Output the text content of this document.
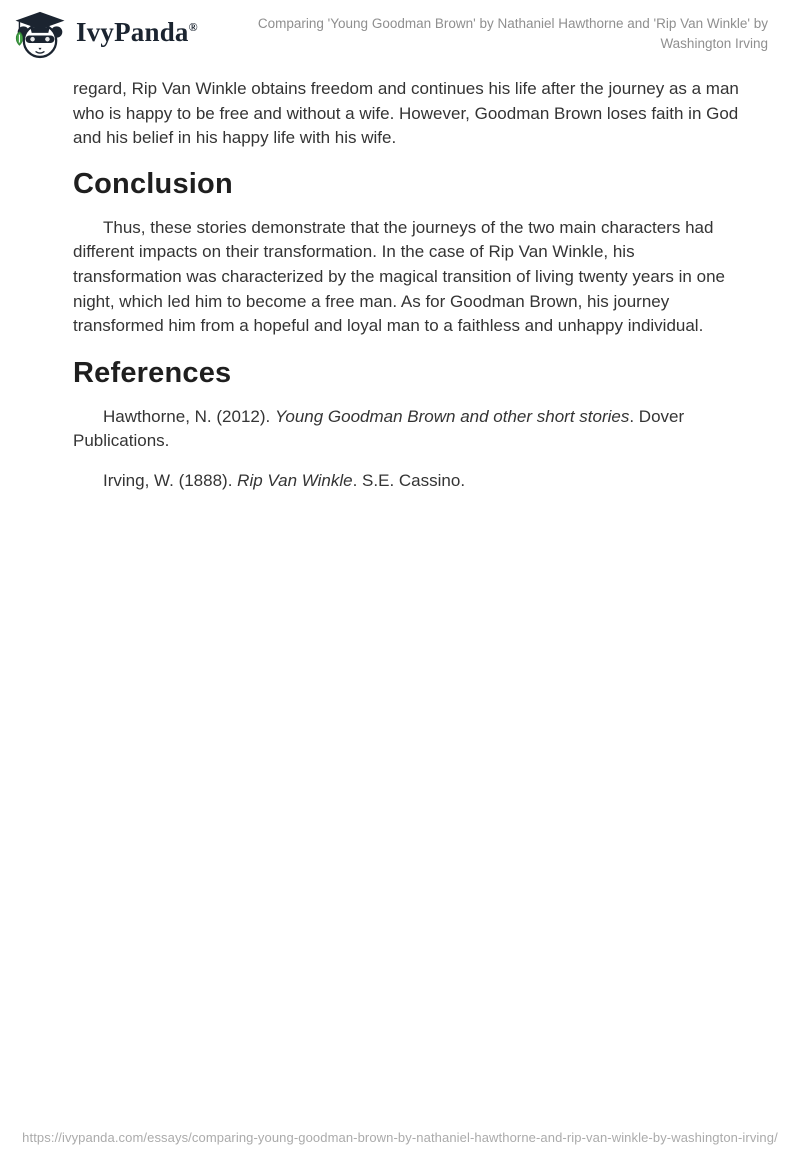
IvyPanda®	Comparing 'Young Goodman Brown' by Nathaniel Hawthorne and 'Rip Van Winkle' by Washington Irving

regard, Rip Van Winkle obtains freedom and continues his life after the journey as a man who is happy to be free and without a wife. However, Goodman Brown loses faith in God and his belief in his happy life with his wife.

Conclusion

Thus, these stories demonstrate that the journeys of the two main characters had different impacts on their transformation. In the case of Rip Van Winkle, his transformation was characterized by the magical transition of living twenty years in one night, which led him to become a free man. As for Goodman Brown, his journey transformed him from a hopeful and loyal man to a faithless and unhappy individual.

References

Hawthorne, N. (2012). Young Goodman Brown and other short stories. Dover Publications.

Irving, W. (1888). Rip Van Winkle. S.E. Cassino.

https://ivypanda.com/essays/comparing-young-goodman-brown-by-nathaniel-hawthorne-and-rip-van-winkle-by-washington-irving/
